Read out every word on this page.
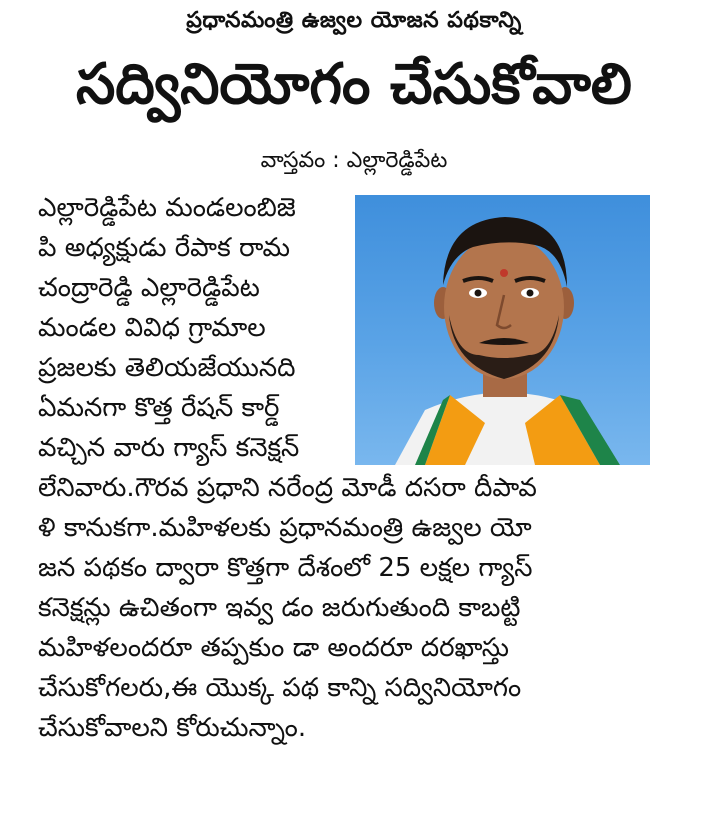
ప్రధానమంత్రి ఉజ్వల యోజన పథకాన్ని
సద్వినియోగం చేసుకోవాలి
వాస్తవం : ఎల్లారెడ్డిపేట
ఎల్లారెడ్డిపేట మండలంబిజె
పి అధ్యక్షుడు రేపాక రామ
చంద్రారెడ్డి ఎల్లారెడ్డిపేట
మండల వివిధ గ్రామాల
ప్రజలకు తెలియజేయునది
ఏమనగా కొత్త రేషన్ కార్డ్
వచ్చిన వారు గ్యాస్ కనెక్షన్
లేనివారు.గౌరవ ప్రధాని నరేంద్ర మోడీ దసరా దీపావ
ళి కానుకగా.మహిళలకు ప్రధానమంత్రి ఉజ్వల యో
జన పథకం ద్వారా కొత్తగా దేశంలో 25 లక్షల గ్యాస్
కనెక్షన్లు ఉచితంగా ఇవ్వ డం జరుగుతుంది కాబట్టి
మహిళలందరూ తప్పకుం డా అందరూ దరఖాస్తు
చేసుకోగలరు,ఈ యొక్క పథ కాన్ని సద్వినియోగం
చేసుకోవాలని కోరుచున్నాం.
